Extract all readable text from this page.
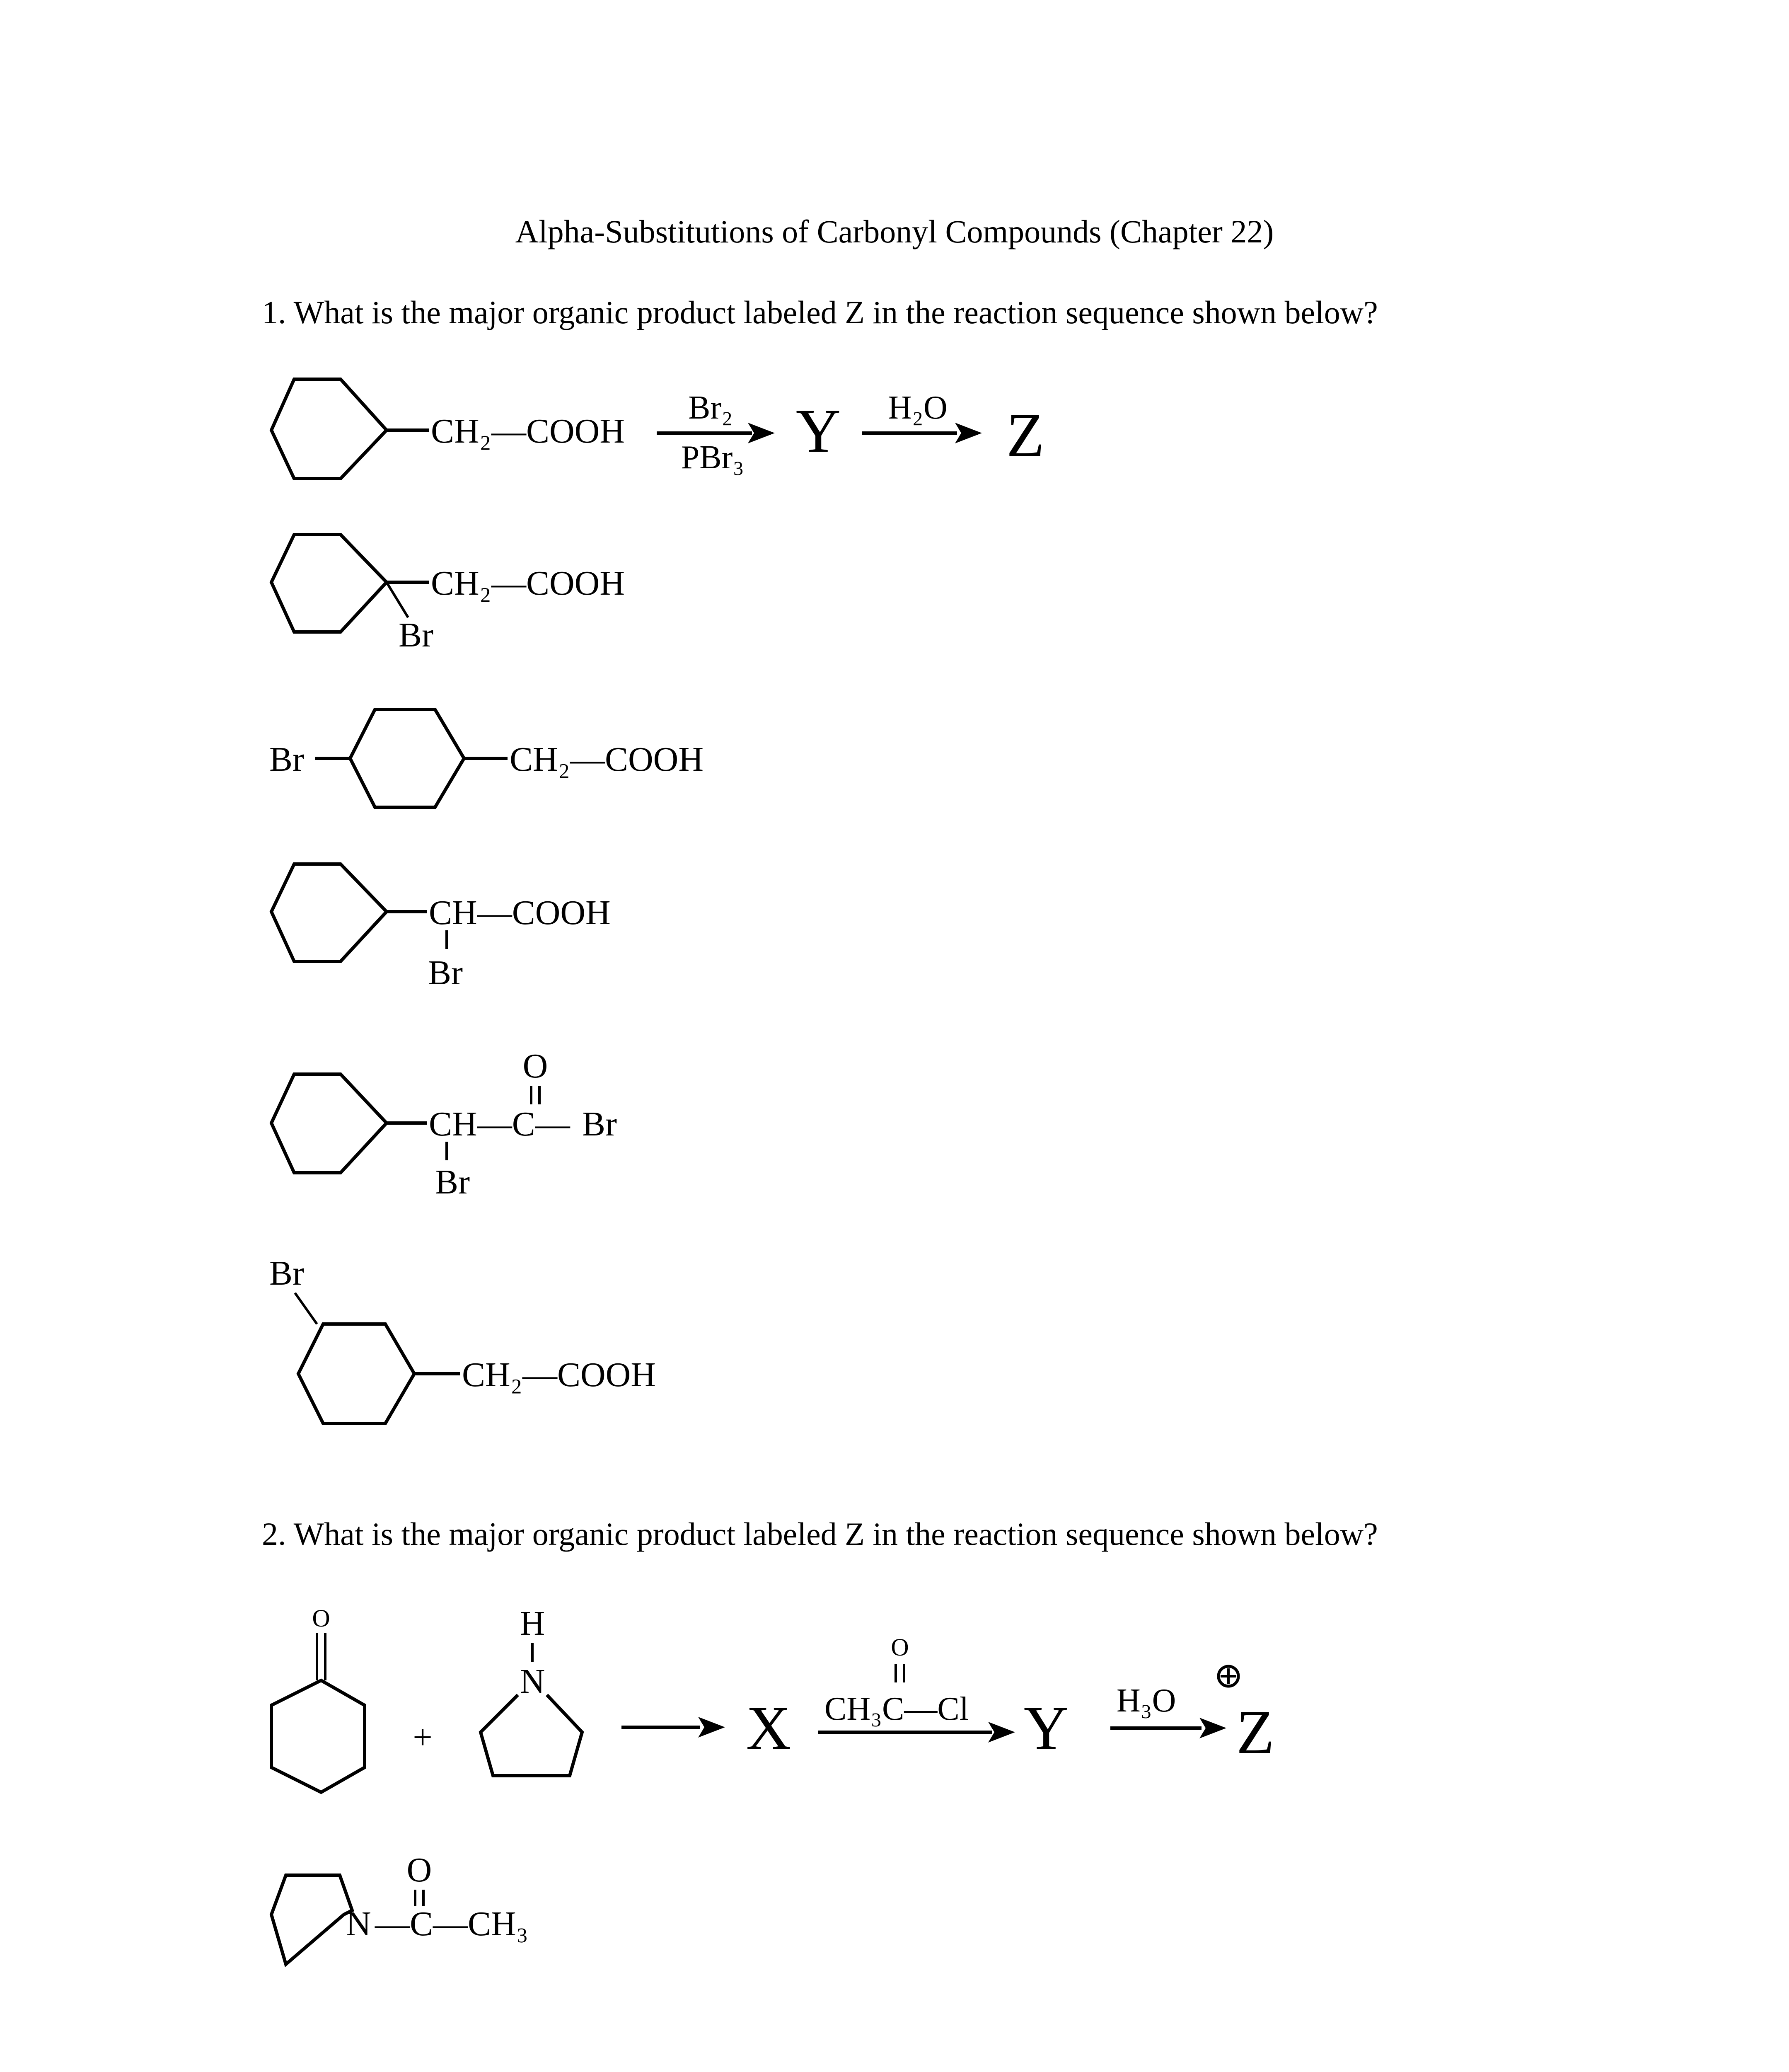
Alpha-Substitutions of Carbonyl Compounds (Chapter 22)
1. What is the major organic product labeled Z in the reaction sequence shown below?
CH₂—COOH
Br₂
PBr₃ Y H₂O Z
CH₂—COOH
Br
Br	CH₂—COOH
CH—COOH
Br
O
CH—C— Br
Br
Br
CH₂—COOH
2. What is the major organic product labeled Z in the reaction sequence shown below?
O
+
H
N
X
O
CH₃C—Cl Y H₃O Z
N
O
—C—CH₃
